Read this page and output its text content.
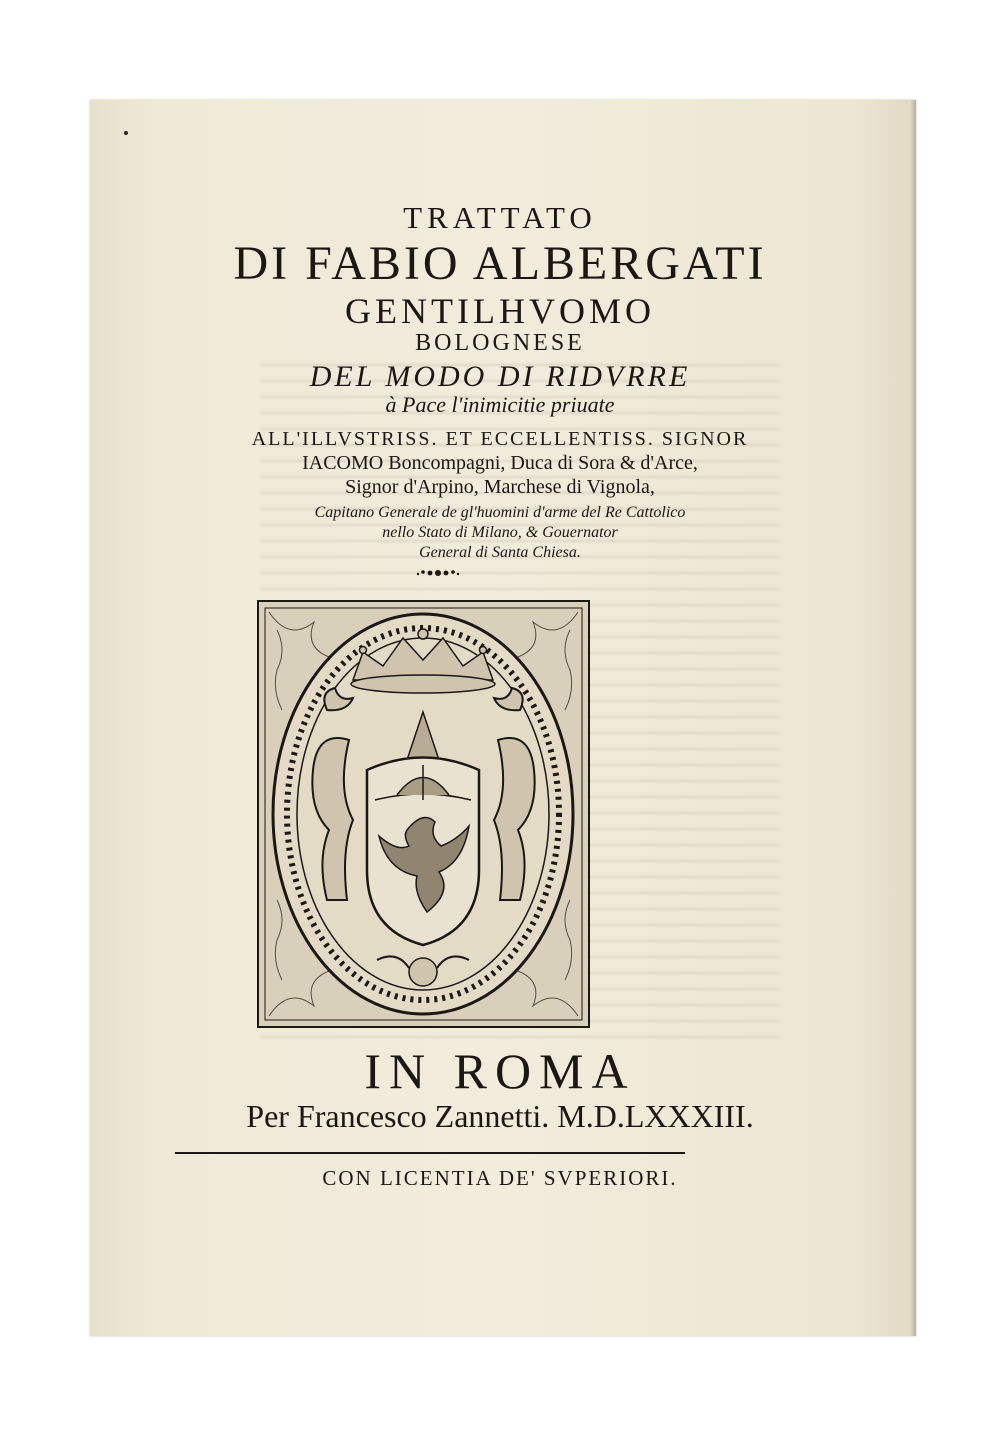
TRATTATO

DI FABIO ALBERGATI

GENTILHVOMO

BOLOGNESE

DEL MODO DI RIDVRRE

à Pace l'inimicitie priuate

ALL'ILLVSTRISS. ET ECCELLENTISS. SIGNOR

IACOMO Boncompagni, Duca di Sora & d'Arce,

Signor d'Arpino, Marchese di Vignola,

Capitano Generale de gl'huomini d'arme del Re Cattolico

nello Stato di Milano, & Gouernator

General di Santa Chiesa.

IN ROMA

Per Francesco Zannetti. M.D.LXXXIII.

CON LICENTIA DE' SVPERIORI.
